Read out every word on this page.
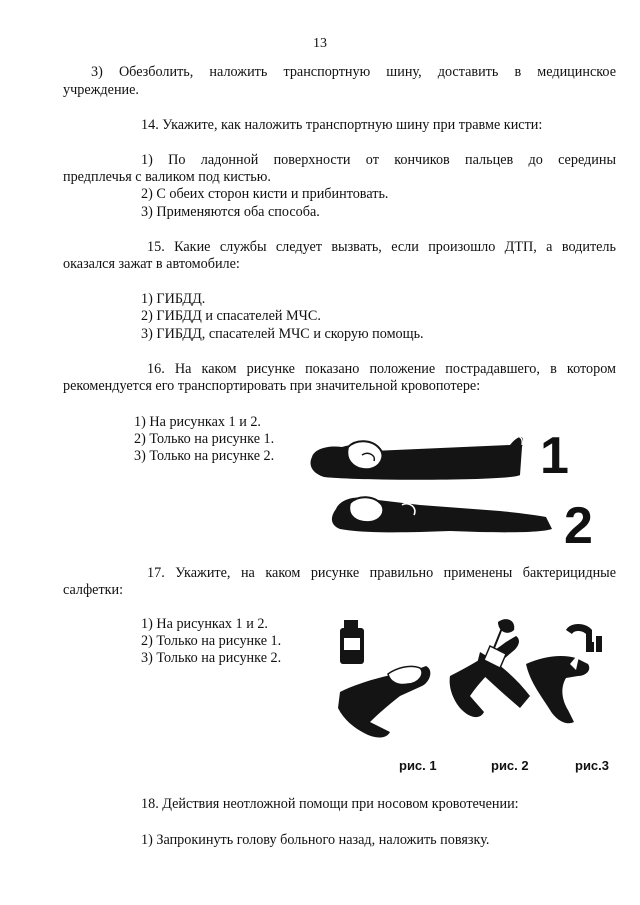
13
3) Обезболить, наложить транспортную шину, доставить в медицинское
учреждение.
14. Укажите, как наложить транспортную шину при травме кисти:
1) По ладонной поверхности от кончиков пальцев до середины
предплечья с валиком под кистью.
2) С обеих сторон кисти и прибинтовать.
3) Применяются оба способа.
15. Какие службы следует вызвать, если произошло ДТП, а водитель
оказался зажат в автомобиле:
1) ГИБДД.
2) ГИБДД и спасателей МЧС.
3) ГИБДД, спасателей МЧС и скорую помощь.
16. На каком рисунке показано положение пострадавшего, в котором
рекомендуется его транспортировать при значительной кровопотере:
1) На рисунках 1 и 2.
2) Только на рисунке 1.
3) Только на рисунке 2.	1
2
17. Укажите, на каком рисунке правильно применены бактерицидные
салфетки:
1) На рисунках 1 и 2.
2) Только на рисунке 1.
3) Только на рисунке 2.
рис. 1	рис. 2	рис.3
18. Действия неотложной помощи при носовом кровотечении:
1) Запрокинуть голову больного назад, наложить повязку.
